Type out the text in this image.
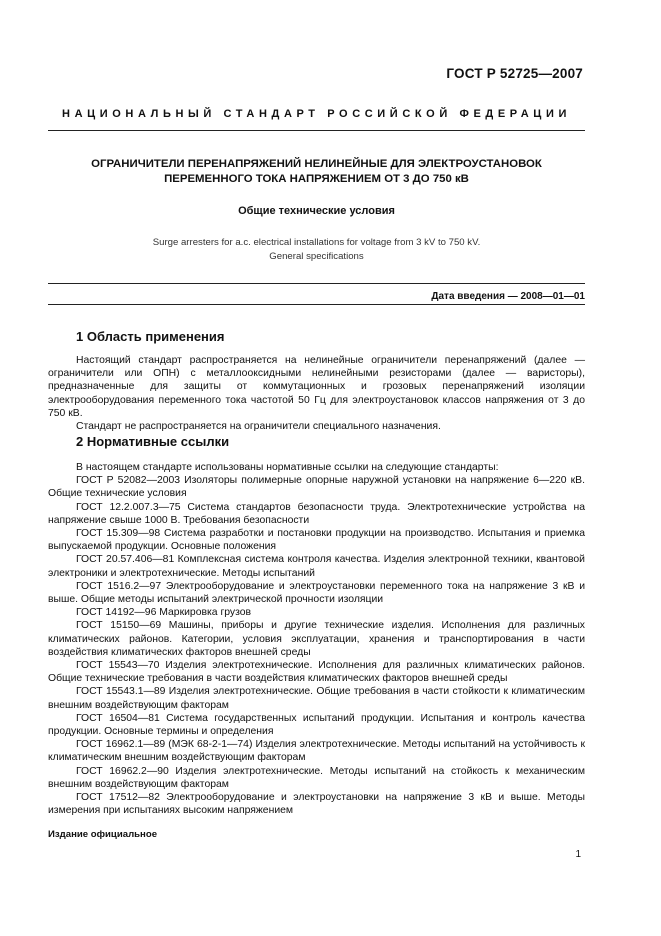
ГОСТ Р 52725—2007
НАЦИОНАЛЬНЫЙ СТАНДАРТ РОССИЙСКОЙ ФЕДЕРАЦИИ
ОГРАНИЧИТЕЛИ ПЕРЕНАПРЯЖЕНИЙ НЕЛИНЕЙНЫЕ ДЛЯ ЭЛЕКТРОУСТАНОВОК
ПЕРЕМЕННОГО ТОКА НАПРЯЖЕНИЕМ ОТ 3 ДО 750 кВ
Общие технические условия
Surge arresters for a.c. electrical installations for voltage from 3 kV to 750 kV.
General specifications
Дата введения — 2008—01—01
1 Область применения

Настоящий стандарт распространяется на нелинейные ограничители перенапряжений (далее — ограничители или ОПН) с металлооксидными нелинейными резисторами (далее — варисторы), предназначенные для защиты от коммутационных и грозовых перенапряжений изоляции электрооборудования переменного тока частотой 50 Гц для электроустановок классов напряжения от 3 до 750 кВ.

Стандарт не распространяется на ограничители специального назначения.

2 Нормативные ссылки

В настоящем стандарте использованы нормативные ссылки на следующие стандарты:

ГОСТ Р 52082—2003 Изоляторы полимерные опорные наружной установки на напряжение 6—220 кВ. Общие технические условия

ГОСТ 12.2.007.3—75 Система стандартов безопасности труда. Электротехнические устройства на напряжение свыше 1000 В. Требования безопасности

ГОСТ 15.309—98 Система разработки и постановки продукции на производство. Испытания и приемка выпускаемой продукции. Основные положения

ГОСТ 20.57.406—81 Комплексная система контроля качества. Изделия электронной техники, квантовой электроники и электротехнические. Методы испытаний

ГОСТ 1516.2—97 Электрооборудование и электроустановки переменного тока на напряжение 3 кВ и выше. Общие методы испытаний электрической прочности изоляции

ГОСТ 14192—96 Маркировка грузов

ГОСТ 15150—69 Машины, приборы и другие технические изделия. Исполнения для различных климатических районов. Категории, условия эксплуатации, хранения и транспортирования в части воздействия климатических факторов внешней среды

ГОСТ 15543—70 Изделия электротехнические. Исполнения для различных климатических районов. Общие технические требования в части воздействия климатических факторов внешней среды

ГОСТ 15543.1—89 Изделия электротехнические. Общие требования в части стойкости к климатическим внешним воздействующим факторам

ГОСТ 16504—81 Система государственных испытаний продукции. Испытания и контроль качества продукции. Основные термины и определения

ГОСТ 16962.1—89 (МЭК 68-2-1—74) Изделия электротехнические. Методы испытаний на устойчивость к климатическим внешним воздействующим факторам

ГОСТ 16962.2—90 Изделия электротехнические. Методы испытаний на стойкость к механическим внешним воздействующим факторам

ГОСТ 17512—82 Электрооборудование и электроустановки на напряжение 3 кВ и выше. Методы измерения при испытаниях высоким напряжением

Издание официальное
1
